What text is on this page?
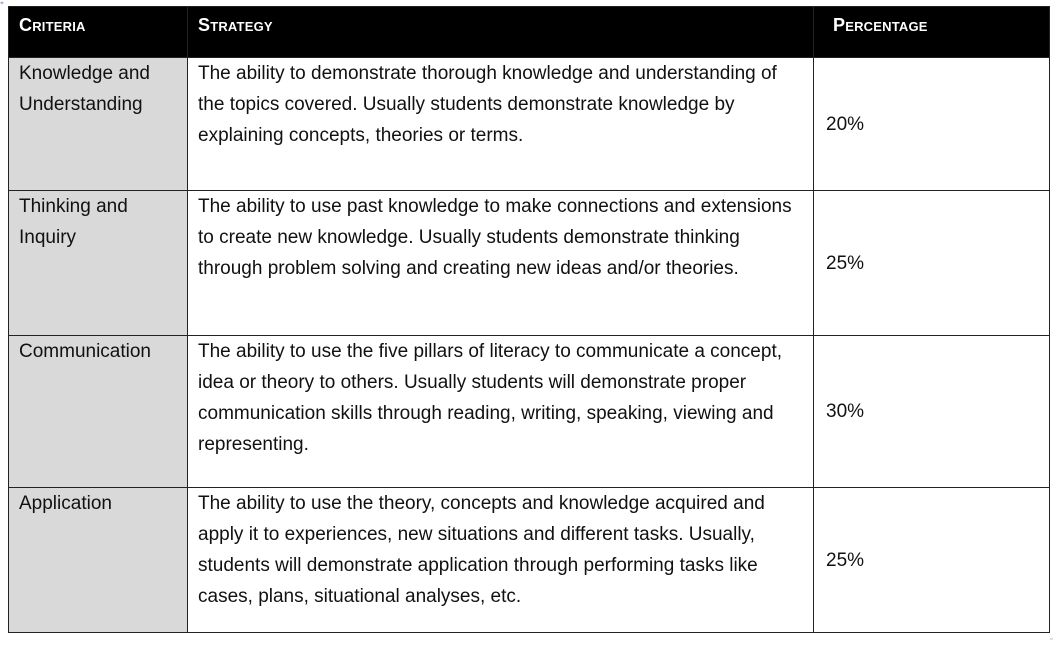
⌖
Criteria	Strategy	Percentage
Knowledge and Understanding	The ability to demonstrate thorough knowledge and understanding of the topics covered. Usually students demonstrate knowledge by explaining concepts, theories or terms.	20%
Thinking and Inquiry	The ability to use past knowledge to make connections and extensions to create new knowledge. Usually students demonstrate thinking through problem solving and creating new ideas and/or theories.	25%
Communication	The ability to use the five pillars of literacy to communicate a concept, idea or theory to others. Usually students will demonstrate proper communication skills through reading, writing, speaking, viewing and representing.	30%
Application	The ability to use the theory, concepts and knowledge acquired and apply it to experiences, new situations and different tasks. Usually, students will demonstrate application through performing tasks like cases, plans, situational analyses, etc.	25%
▫
